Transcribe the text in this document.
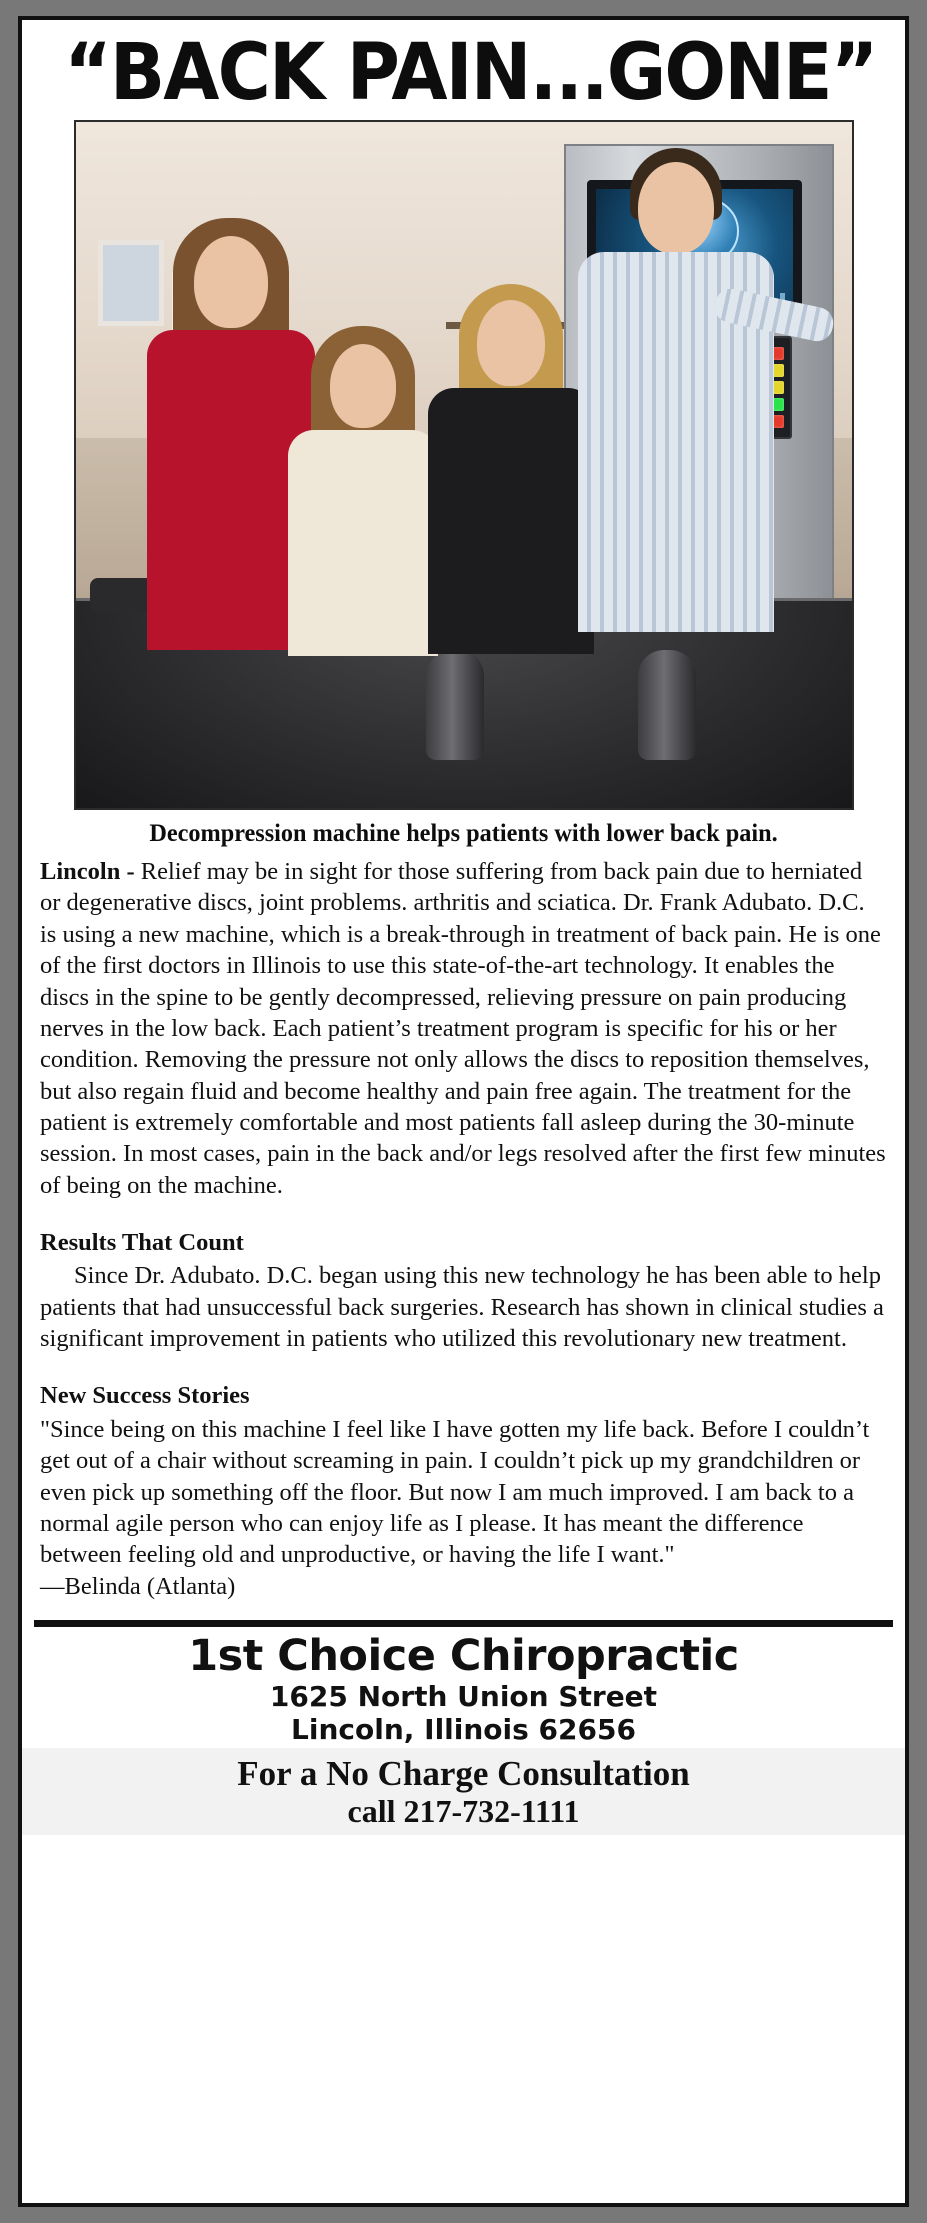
“BACK PAIN...GONE”
Decompression machine helps patients with lower back pain.

Lincoln - Relief may be in sight for those suffering from back pain due to herniated or degenerative discs, joint problems. arthritis and sciatica. Dr. Frank Adubato. D.C. is using a new machine, which is a break-through in treatment of back pain. He is one of the first doctors in Illinois to use this state-of-the-art technology. It enables the discs in the spine to be gently decompressed, relieving pressure on pain producing nerves in the low back. Each patient’s treatment program is specific for his or her condition. Removing the pressure not only allows the discs to reposition themselves, but also regain fluid and become healthy and pain free again. The treatment for the patient is extremely comfortable and most patients fall asleep during the 30-minute session. In most cases, pain in the back and/or legs resolved after the first few minutes of being on the machine.

Results That Count

Since Dr. Adubato. D.C. began using this new technology he has been able to help patients that had unsuccessful back surgeries. Research has shown in clinical studies a significant improvement in patients who utilized this revolutionary new treatment.

New Success Stories

"Since being on this machine I feel like I have gotten my life back. Before I couldn’t get out of a chair without screaming in pain. I couldn’t pick up my grandchildren or even pick up something off the floor. But now I am much improved. I am back to a normal agile person who can enjoy life as I please. It has meant the difference between feeling old and unproductive, or having the life I want."

—Belinda (Atlanta)

1st Choice Chiropractic
1625 North Union Street
Lincoln, Illinois 62656
For a No Charge Consultation
call 217-732-1111
